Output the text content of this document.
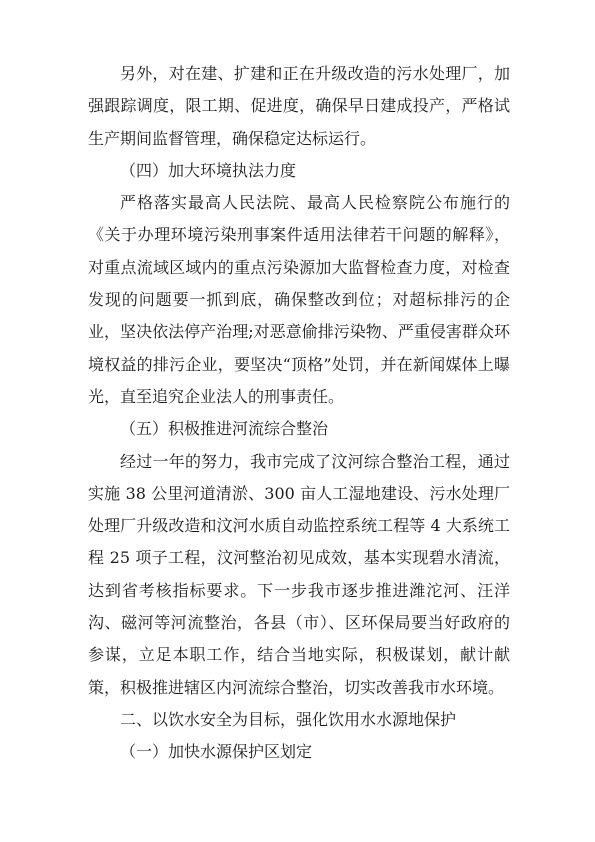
另外，对在建、扩建和正在升级改造的污水处理厂，加强跟踪调度，限工期、促进度，确保早日建成投产，严格试生产期间监督管理，确保稳定达标运行。

（四）加大环境执法力度

严格落实最高人民法院、最高人民检察院公布施行的《关于办理环境污染刑事案件适用法律若干问题的解释》，对重点流域区域内的重点污染源加大监督检查力度，对检查发现的问题要一抓到底，确保整改到位；对超标排污的企业，坚决依法停产治理;对恶意偷排污染物、严重侵害群众环境权益的排污企业，要坚决“顶格”处罚，并在新闻媒体上曝光，直至追究企业法人的刑事责任。

（五）积极推进河流综合整治

经过一年的努力，我市完成了汶河综合整治工程，通过实施 38 公里河道清淤、300 亩人工湿地建设、污水处理厂处理厂升级改造和汶河水质自动监控系统工程等 4 大系统工程 25 项子工程，汶河整治初见成效，基本实现碧水清流，达到省考核指标要求。下一步我市逐步推进潍沱河、汪洋沟、磁河等河流整治，各县（市）、区环保局要当好政府的参谋，立足本职工作，结合当地实际，积极谋划，献计献策，积极推进辖区内河流综合整治，切实改善我市水环境。

二、以饮水安全为目标，强化饮用水水源地保护

（一）加快水源保护区划定
